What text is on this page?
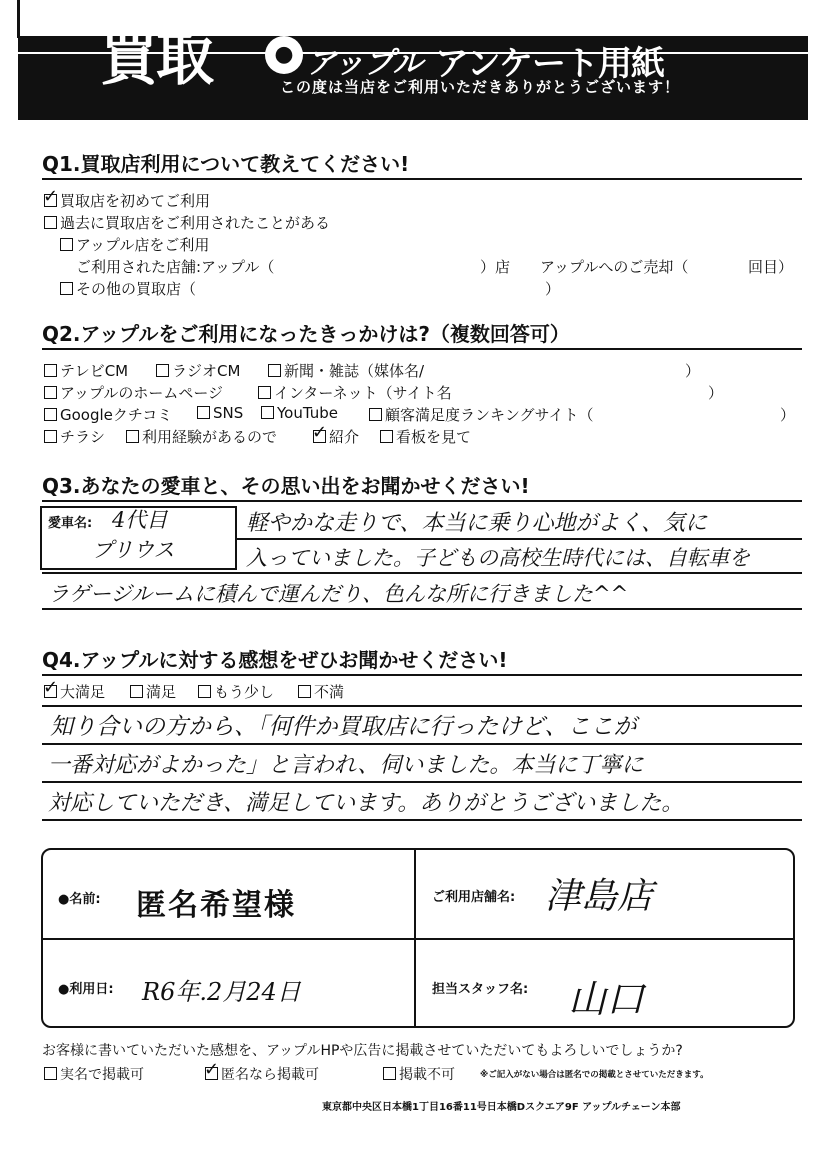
買取	● アップル アンケート用紙
この度は当店をご利用いただきありがとうございます！
Q1.買取店利用について教えてください!
✓買取店を初めてご利用
過去に買取店をご利用されたことがある
アップル店をご利用
ご利用された店舗:アップル（	）店 アップルへのご売却（	回目）
その他の買取店（	）
Q2.アップルをご利用になったきっかけは?（複数回答可）
テレビCM	ラジオCM	新聞・雑誌（媒体名/	）
アップルのホームページ	インターネット（サイト名	）
Googleクチコミ	SNS	YouTube	顧客満足度ランキングサイト（	）
チラシ	利用経験があるので ✓	紹介	看板を見て
Q3.あなたの愛車と、その思い出をお聞かせください!
愛車名: 4代目
プリウス
軽やかな走りで、本当に乗り心地がよく、気に
入っていました。子どもの高校生時代には、自転車を
ラゲージルームに積んで運んだり、色んな所に行きました^^
Q4.アップルに対する感想をぜひお聞かせください!
✓大満足	満足	もう少し	不満
知り合いの方から、「何件か買取店に行ったけど、ここが
一番対応がよかった」と言われ、伺いました。本当に丁寧に
対応していただき、満足しています。ありがとうございました。
●名前: 匿名希望様	ご利用店舗名: 津島店
●利用日: R6年.2月24日	担当スタッフ名: 山口
お客様に書いていただいた感想を、アップルHPや広告に掲載させていただいてもよろしいでしょうか?
実名で掲載可 ✓	匿名なら掲載可	掲載不可	※ご記入がない場合は匿名での掲載とさせていただきます。
東京都中央区日本橋1丁目16番11号日本橋Dスクエア9F アップルチェーン本部
